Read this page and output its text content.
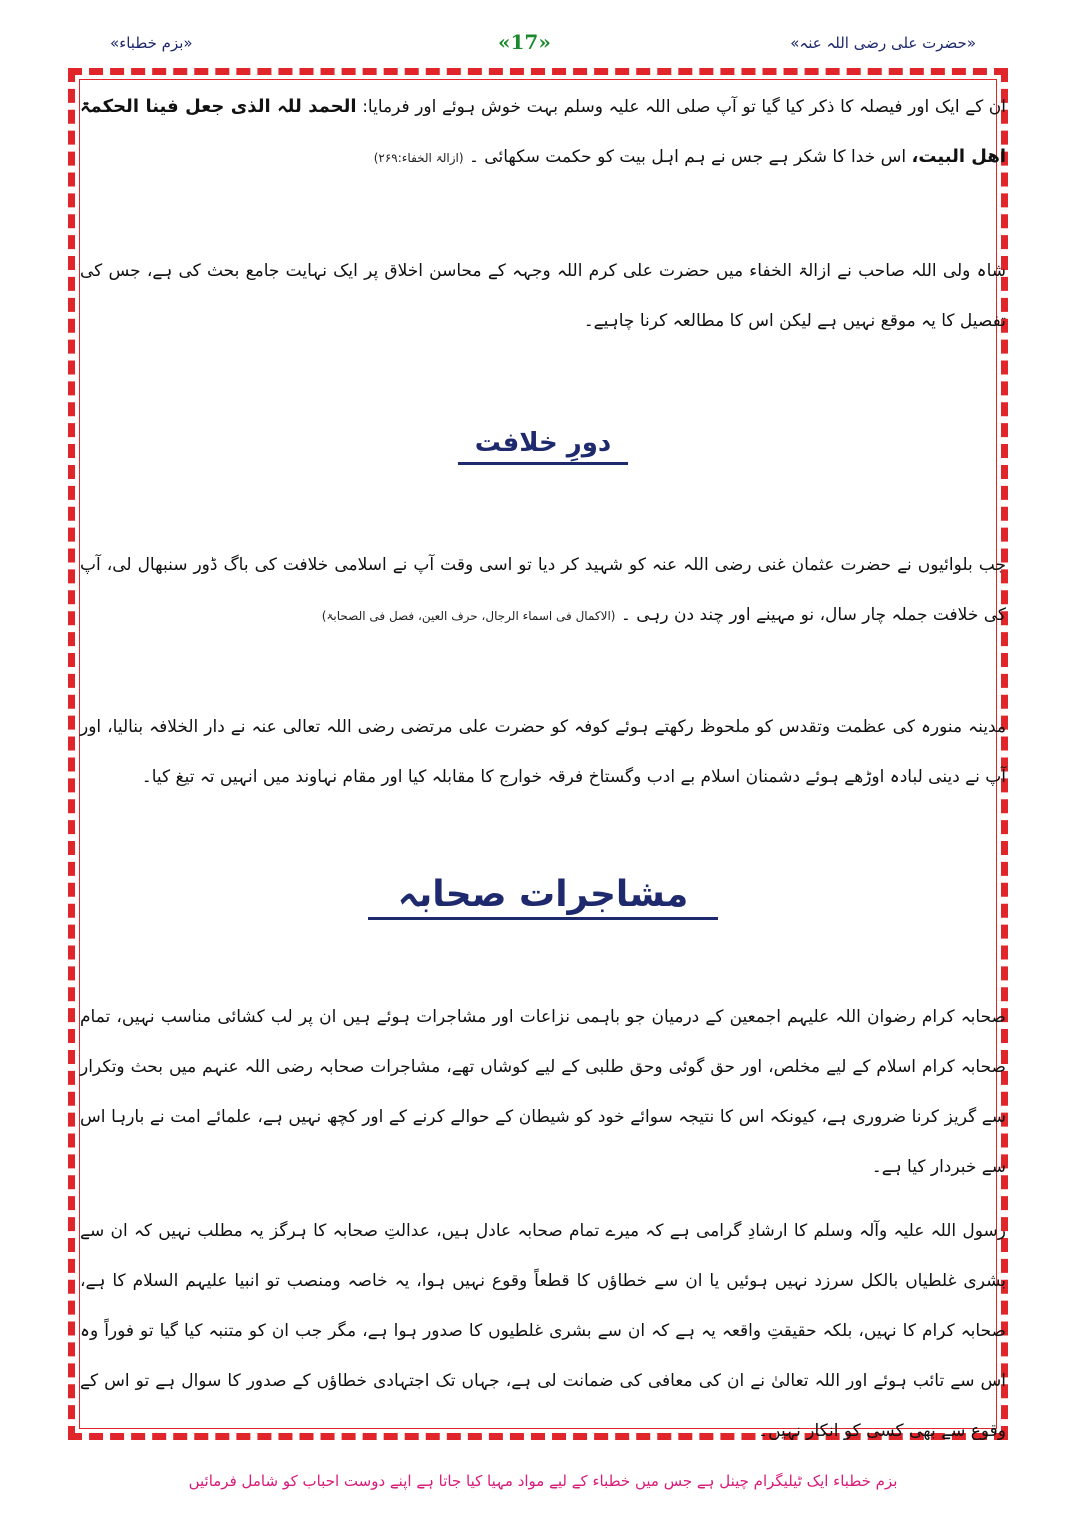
«بزم خطباء»	«17»	«حضرت علی رضی اللہ عنہ»
ان کے ایک اور فیصلہ کا ذکر کیا گیا تو آپ صلی اللہ علیہ وسلم بہت خوش ہوئے اور فرمایا: الحمد للہ الذی جعل فینا الحکمۃ اھل البیت، اس خدا کا شکر ہے جس نے ہم اہل بیت کو حکمت سکھائی ۔ (ازالۃ الخفاء:۲۶۹)
شاہ ولی اللہ صاحب نے ازالۃ الخفاء میں حضرت علی کرم اللہ وجہہ کے محاسن اخلاق پر ایک نہایت جامع بحث کی ہے، جس کی تفصیل کا یہ موقع نہیں ہے لیکن اس کا مطالعہ کرنا چاہیے۔
دورِ خلافت
جب بلوائیوں نے حضرت عثمان غنی رضی اللہ عنہ کو شہید کر دیا تو اسی وقت آپ نے اسلامی خلافت کی باگ ڈور سنبھال لی، آپ کی خلافت جملہ چار سال، نو مہینے اور چند دن رہی ۔ (الاکمال فی اسماء الرجال، حرف العین، فصل فی الصحابۃ)
مدینہ منورہ کی عظمت وتقدس کو ملحوظ رکھتے ہوئے کوفہ کو حضرت علی مرتضی رضی اللہ تعالی عنہ نے دار الخلافہ بنالیا، اور آپ نے دینی لبادہ اوڑھے ہوئے دشمنان اسلام بے ادب وگستاخ فرقہ خوارج کا مقابلہ کیا اور مقام نہاوند میں انہیں تہ تیغ کیا۔
مشاجرات صحابہ
صحابہ کرام رضوان اللہ علیہم اجمعین کے درمیان جو باہمی نزاعات اور مشاجرات ہوئے ہیں ان پر لب کشائی مناسب نہیں، تمام صحابہ کرام اسلام کے لیے مخلص، اور حق گوئی وحق طلبی کے لیے کوشاں تھے، مشاجرات صحابہ رضی اللہ عنہم میں بحث وتکرار سے گریز کرنا ضروری ہے، کیونکہ اس کا نتیجہ سوائے خود کو شیطان کے حوالے کرنے کے اور کچھ نہیں ہے، علمائے امت نے بارہا اس سے خبردار کیا ہے۔
رسول اللہ علیہ وآلہ وسلم کا ارشادِ گرامی ہے کہ میرے تمام صحابہ عادل ہیں، عدالتِ صحابہ کا ہرگز یہ مطلب نہیں کہ ان سے بشری غلطیاں بالکل سرزد نہیں ہوئیں یا ان سے خطاؤں کا قطعاً وقوع نہیں ہوا، یہ خاصہ ومنصب تو انبیا علیہم السلام کا ہے، صحابہ کرام کا نہیں، بلکہ حقیقتِ واقعہ یہ ہے کہ ان سے بشری غلطیوں کا صدور ہوا ہے، مگر جب ان کو متنبہ کیا گیا تو فوراً وہ اس سے تائب ہوئے اور اللہ تعالیٰ نے ان کی معافی کی ضمانت لی ہے، جہاں تک اجتہادی خطاؤں کے صدور کا سوال ہے تو اس کے وقوع سے بھی کسی کو انکار نہیں۔
بزم خطباء ایک ٹیلیگرام چینل ہے جس میں خطباء کے لیے مواد مہیا کیا جاتا ہے اپنے دوست احباب کو شامل فرمائیں
